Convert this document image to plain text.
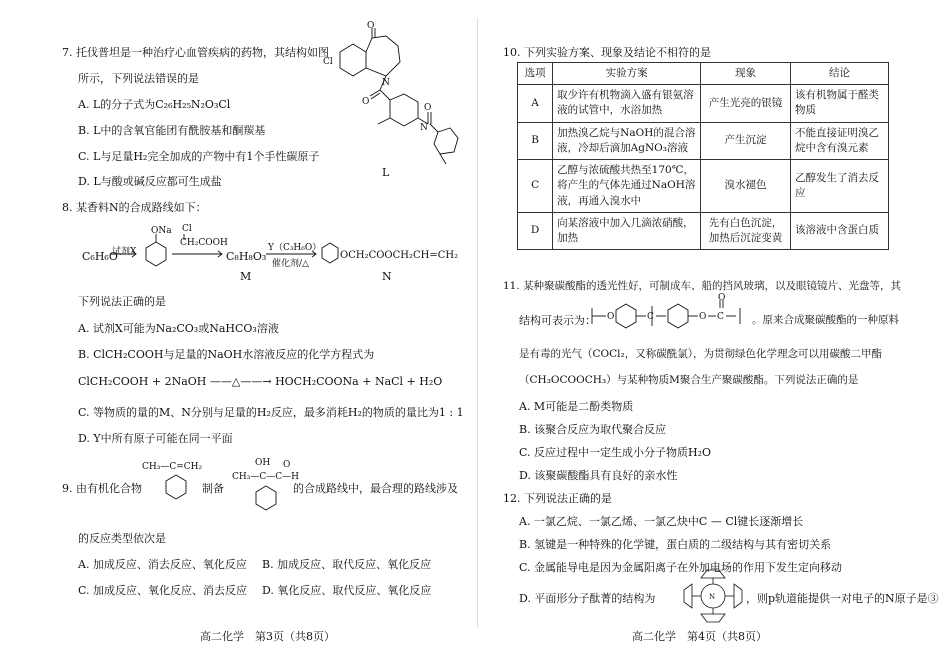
7. 托伐普坦是一种治疗心血管疾病的药物，其结构如图
所示，下列说法错误的是
A. L的分子式为C₂₆H₂₅N₂O₃Cl
B. L中的含氧官能团有酰胺基和酮羰基
C. L与足量H₂完全加成的产物中有1个手性碳原子
D. L与酸或碱反应都可生成盐
Cl
O
N
O
N
O
L
8. 某香料N的合成路线如下：
C₆H₆O
试剂X
ONa Cl
CH₂COOH
C₈H₈O₃
M
Y（C₃H₆O）
催化剂/△
OCH₂COOCH₂CH=CH₂
N
下列说法正确的是
A. 试剂X可能为Na₂CO₃或NaHCO₃溶液
B. ClCH₂COOH与足量的NaOH水溶液反应的化学方程式为
ClCH₂COOH + 2NaOH ——△——→ HOCH₂COONa + NaCl + H₂O
C. 等物质的量的M、N分别与足量的H₂反应，最多消耗H₂的物质的量比为1 : 1
D. Y中所有原子可能在同一平面
CH₃—C=CH₂
9. 由有机化合物	制备
OH
CH₃—C—C—H
O
的合成路线中，最合理的路线涉及
的反应类型依次是
A. 加成反应、消去反应、氧化反应 B. 加成反应、取代反应、氧化反应
C. 加成反应、氧化反应、消去反应 D. 氧化反应、取代反应、氧化反应
高二化学　第3页（共8页）
10. 下列实验方案、现象及结论不相符的是
选项	实验方案	现象	结论
A	取少许有机物滴入盛有银氨溶液的试管中，水浴加热	产生光亮的银镜	该有机物属于醛类物质
B	加热溴乙烷与NaOH的混合溶液，冷却后滴加AgNO₃溶液	产生沉淀	不能直接证明溴乙烷中含有溴元素
C	乙醇与浓硫酸共热至170℃，将产生的气体先通过NaOH溶液，再通入溴水中	溴水褪色	乙醇发生了消去反应
D	向某溶液中加入几滴浓硝酸，加热	先有白色沉淀，加热后沉淀变黄	该溶液中含蛋白质
11. 某种聚碳酸酯的透光性好，可制成车、船的挡风玻璃，以及眼镜镜片、光盘等，其
结构可表示为： O	C	O C
O
。原来合成聚碳酸酯的一种原料
是有毒的光气（COCl₂，又称碳酰氯），为贯彻绿色化学理念可以用碳酸二甲酯
（CH₃OCOOCH₃）与某种物质M聚合生产聚碳酸酯。下列说法正确的是
A. M可能是二酚类物质
B. 该聚合反应为取代聚合反应
C. 反应过程中一定生成小分子物质H₂O
D. 该聚碳酸酯具有良好的亲水性
12. 下列说法正确的是
A. 一氯乙烷、一氯乙烯、一氯乙炔中C — Cl键长逐渐增长
B. 氢键是一种特殊的化学键，蛋白质的二级结构与其有密切关系
C. 金属能导电是因为金属阳离子在外加电场的作用下发生定向移动
D. 平面形分子酞菁的结构为	N	，则p轨道能提供一对电子的N原子是③
高二化学　第4页（共8页）
